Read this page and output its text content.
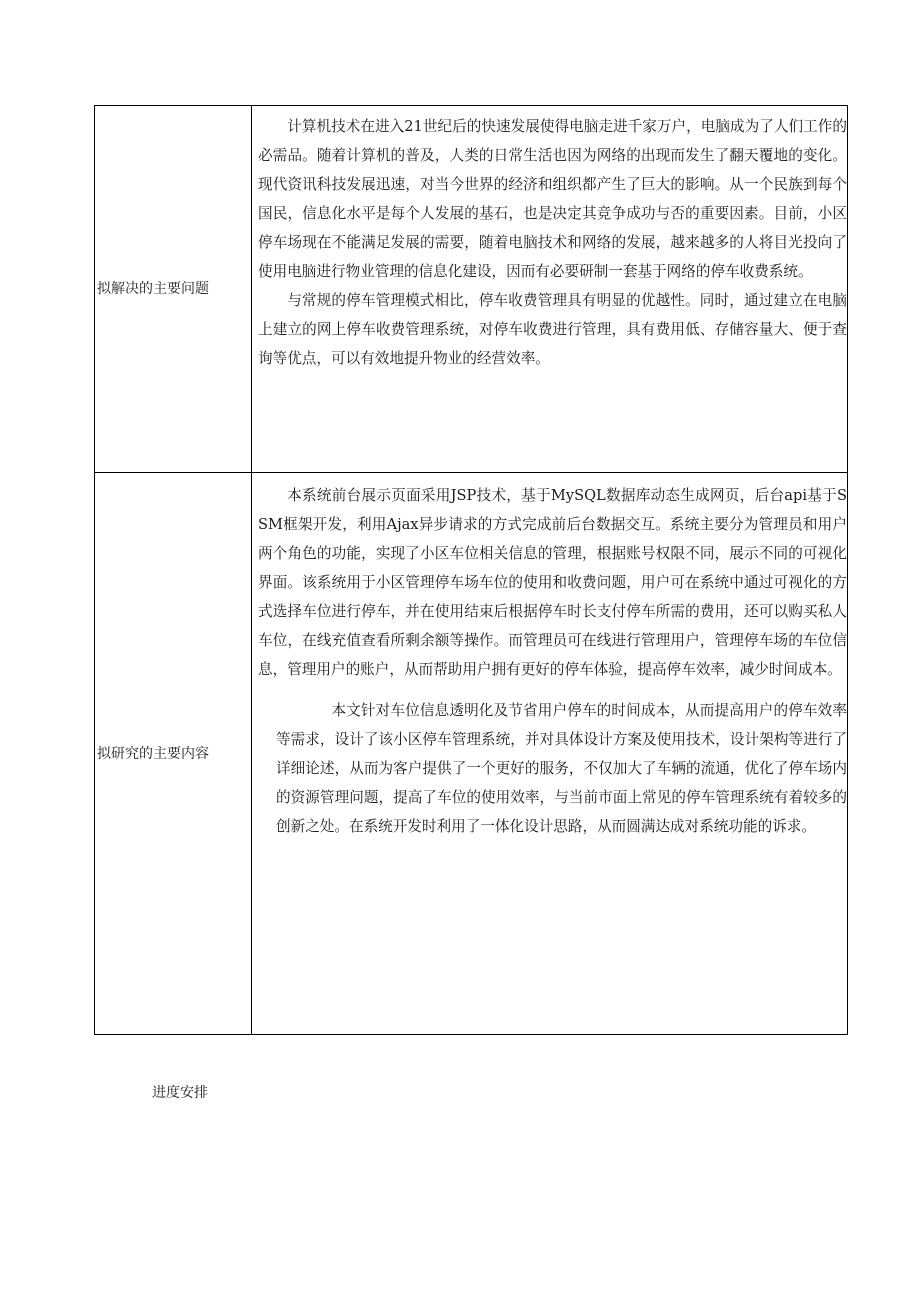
拟解决的主要问题	计算机技术在进入21世纪后的快速发展使得电脑走进千家万户，电脑成为了人们工作的必需品。随着计算机的普及，人类的日常生活也因为网络的出现而发生了翻天覆地的变化。现代资讯科技发展迅速，对当今世界的经济和组织都产生了巨大的影响。从一个民族到每个国民，信息化水平是每个人发展的基石，也是决定其竞争成功与否的重要因素。目前，小区停车场现在不能满足发展的需要，随着电脑技术和网络的发展，越来越多的人将目光投向了使用电脑进行物业管理的信息化建设，因而有必要研制一套基于网络的停车收费系统。

与常规的停车管理模式相比，停车收费管理具有明显的优越性。同时，通过建立在电脑上建立的网上停车收费管理系统，对停车收费进行管理，具有费用低、存储容量大、便于查询等优点，可以有效地提升物业的经营效率。

拟研究的主要内容	本系统前台展示页面采用JSP技术，基于MySQL数据库动态生成网页，后台api基于SSM框架开发，利用Ajax异步请求的方式完成前后台数据交互。系统主要分为管理员和用户两个角色的功能，实现了小区车位相关信息的管理，根据账号权限不同，展示不同的可视化界面。该系统用于小区管理停车场车位的使用和收费问题，用户可在系统中通过可视化的方式选择车位进行停车，并在使用结束后根据停车时长支付停车所需的费用，还可以购买私人车位，在线充值查看所剩余额等操作。而管理员可在线进行管理用户，管理停车场的车位信息，管理用户的账户，从而帮助用户拥有更好的停车体验，提高停车效率，减少时间成本。

本文针对车位信息透明化及节省用户停车的时间成本，从而提高用户的停车效率等需求，设计了该小区停车管理系统，并对具体设计方案及使用技术，设计架构等进行了详细论述，从而为客户提供了一个更好的服务，不仅加大了车辆的流通，优化了停车场内的资源管理问题，提高了车位的使用效率，与当前市面上常见的停车管理系统有着较多的创新之处。在系统开发时利用了一体化设计思路，从而圆满达成对系统功能的诉求。

进度安排
